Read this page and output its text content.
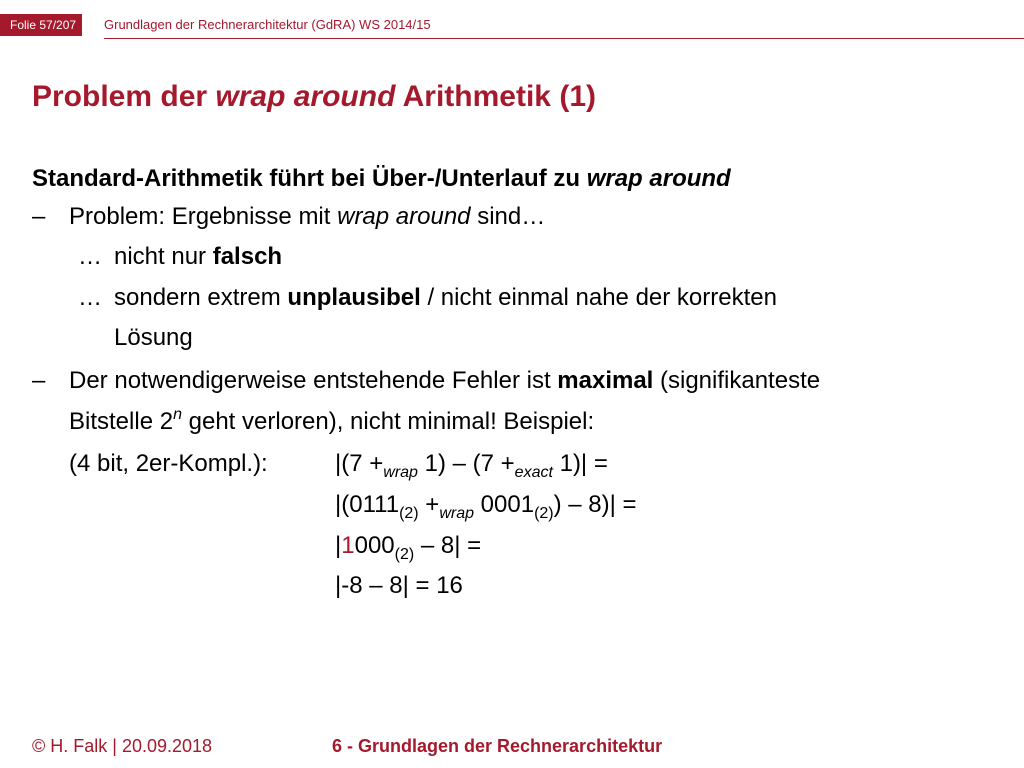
Folie 57/207	Grundlagen der Rechnerarchitektur (GdRA) WS 2014/15
Problem der wrap around Arithmetik (1)

Standard-Arithmetik führt bei Über-/Unterlauf zu wrap around

– Problem: Ergebnisse mit wrap around sind…
… nicht nur falsch
… sondern extrem unplausibel / nicht einmal nahe der korrekten
Lösung
– Der notwendigerweise entstehende Fehler ist maximal (signifikanteste
Bitstelle 2$^n$ geht verloren), nicht minimal! Beispiel:
(4 bit, 2er-Kompl.):	$|(7 +_{wrap}$ $1) - (7 +_{exact}$ 1)| =
$|(0111_{(2)} +_{wrap}$ $0001_{(2)}) - 8)|$ =
$|1000_{(2)} - 8|$ =
|-8 – 8| = 16
© H. Falk | 20.09.2018	6 - Grundlagen der Rechnerarchitektur
